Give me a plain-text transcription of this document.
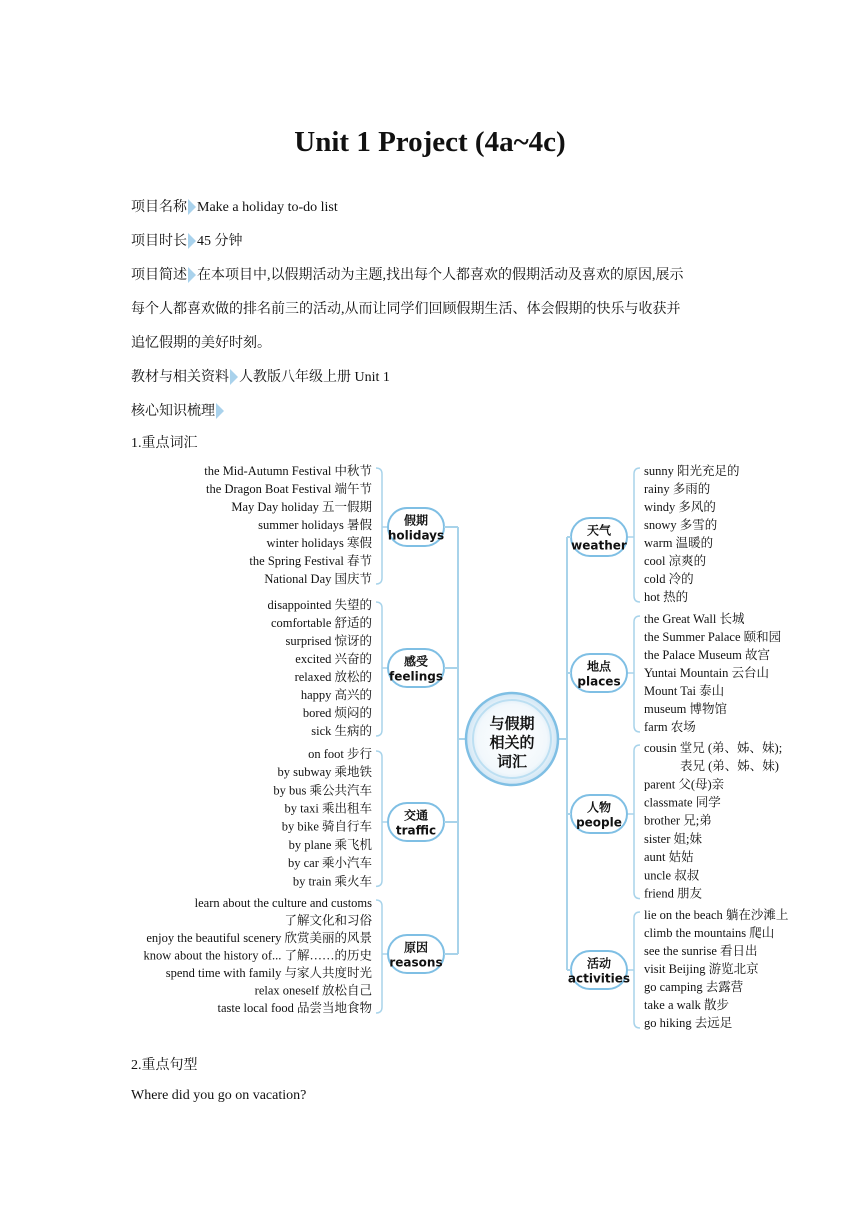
Unit 1 Project (4a~4c)
项目名称 Make a holiday to-do list
项目时长 45 分钟
项目简述 在本项目中,以假期活动为主题,找出每个人都喜欢的假期活动及喜欢的原因,展示
每个人都喜欢做的排名前三的活动,从而让同学们回顾假期生活、体会假期的快乐与收获并
追忆假期的美好时刻。
教材与相关资料 人教版八年级上册 Unit 1
核心知识梳理
1.重点词汇
与假期
相关的
词汇
the Mid-Autumn Festival 中秋节
the Dragon Boat Festival 端午节
May Day holiday 五一假期
summer holidays 暑假
winter holidays 寒假
the Spring Festival 春节
National Day 国庆节
假期
holidays
disappointed 失望的
comfortable 舒适的
surprised 惊讶的
excited 兴奋的
relaxed 放松的
happy 高兴的
bored 烦闷的
sick 生病的
感受
feelings
on foot 步行
by subway 乘地铁
by bus 乘公共汽车
by taxi 乘出租车
by bike 骑自行车
by plane 乘飞机
by car 乘小汽车
by train 乘火车
交通
traffic
learn about the culture and customs
了解文化和习俗
enjoy the beautiful scenery 欣赏美丽的风景
know about the history of... 了解……的历史
spend time with family 与家人共度时光
relax oneself 放松自己
taste local food 品尝当地食物
原因
reasons
sunny 阳光充足的
rainy 多雨的
windy 多风的
snowy 多雪的
warm 温暖的
cool 凉爽的
cold 冷的
hot 热的
天气
weather
the Great Wall 长城
the Summer Palace 颐和园
the Palace Museum 故宫
Yuntai Mountain 云台山
Mount Tai 泰山
museum 博物馆
farm 农场
地点
places
cousin 堂兄 (弟、姊、妹);
表兄 (弟、姊、妹)
parent 父(母)亲
classmate 同学
brother 兄;弟
sister 姐;妹
aunt 姑姑
uncle 叔叔
friend 朋友
人物
people
lie on the beach 躺在沙滩上
climb the mountains 爬山
see the sunrise 看日出
visit Beijing 游览北京
go camping 去露营
take a walk 散步
go hiking 去远足
活动
activities
2.重点句型
Where did you go on vacation?
